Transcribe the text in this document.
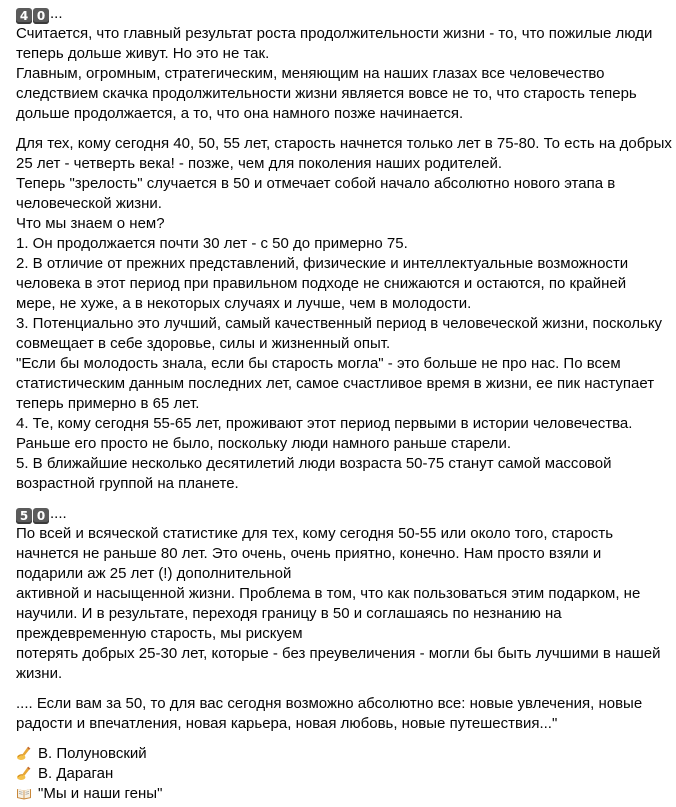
4 0 ...
Считается, что главный результат роста продолжительности жизни - то, что пожилые люди
теперь дольше живут. Но это не так.
Главным, огромным, стратегическим, меняющим на наших глазах все человечество
следствием скачка продолжительности жизни является вовсе не то, что старость теперь
дольше продолжается, а то, что она намного позже начинается.
Для тех, кому сегодня 40, 50, 55 лет, старость начнется только лет в 75-80. То есть на добрых
25 лет - четверть века! - позже, чем для поколения наших родителей.
Теперь "зрелость" случается в 50 и отмечает собой начало абсолютно нового этапа в
человеческой жизни.
Что мы знаем о нем?
1. Он продолжается почти 30 лет - с 50 до примерно 75.
2. В отличие от прежних представлений, физические и интеллектуальные возможности
человека в этот период при правильном подходе не снижаются и остаются, по крайней
мере, не хуже, а в некоторых случаях и лучше, чем в молодости.
3. Потенциально это лучший, самый качественный период в человеческой жизни, поскольку
совмещает в себе здоровье, силы и жизненный опыт.
"Если бы молодость знала, если бы старость могла" - это больше не про нас. По всем
статистическим данным последних лет, самое счастливое время в жизни, ее пик наступает
теперь примерно в 65 лет.
4. Те, кому сегодня 55-65 лет, проживают этот период первыми в истории человечества.
Раньше его просто не было, поскольку люди намного раньше старели.
5. В ближайшие несколько десятилетий люди возраста 50-75 станут самой массовой
возрастной группой на планете.
5 0 ....
По всей и всяческой статистике для тех, кому сегодня 50-55 или около того, старость
начнется не раньше 80 лет. Это очень, очень приятно, конечно. Нам просто взяли и
подарили аж 25 лет (!) дополнительной
активной и насыщенной жизни. Проблема в том, что как пользоваться этим подарком, не
научили. И в результате, переходя границу в 50 и соглашаясь по незнанию на
преждевременную старость, мы рискуем
потерять добрых 25-30 лет, которые - без преувеличения - могли бы быть лучшими в нашей
жизни.
.... Если вам за 50, то для вас сегодня возможно абсолютно все: новые увлечения, новые
радости и впечатления, новая карьера, новая любовь, новые путешествия..."
В. Полуновский
В. Дараган
"Мы и наши гены"
